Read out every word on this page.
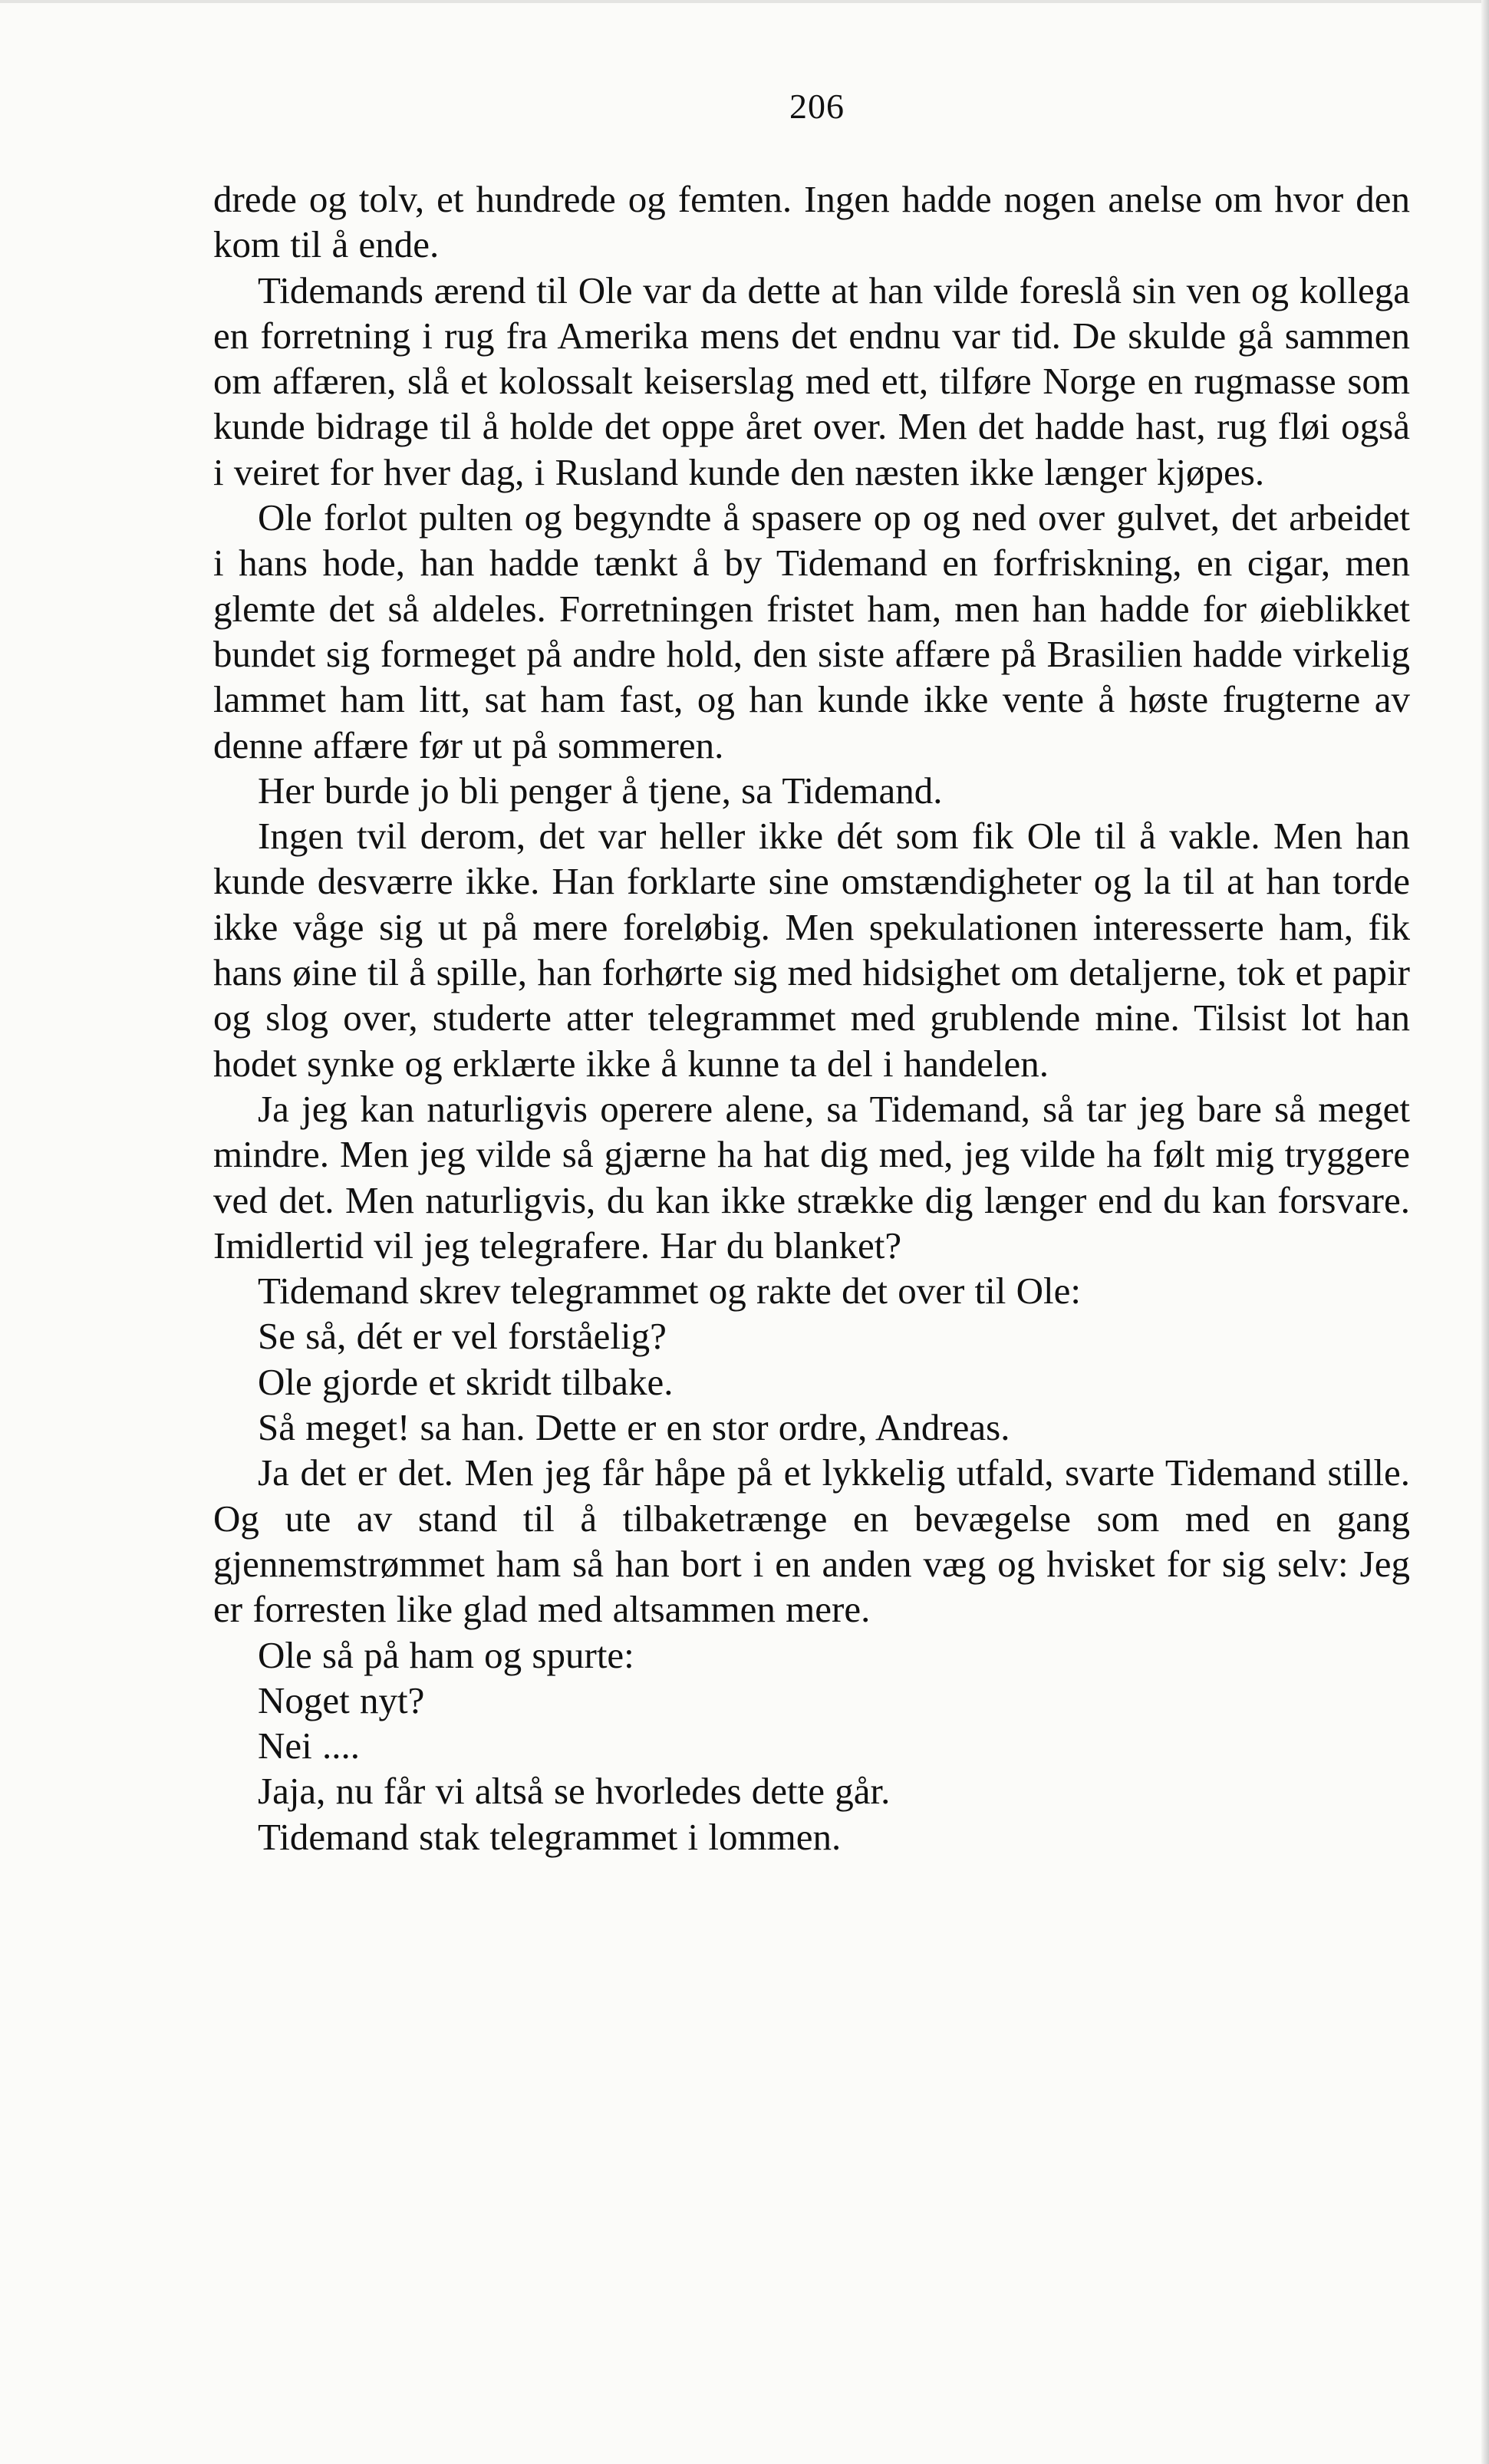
206

drede og tolv, et hundrede og femten. Ingen hadde nogen anelse om hvor den kom til å ende.

Tidemands ærend til Ole var da dette at han vilde foreslå sin ven og kollega en forretning i rug fra Amerika mens det endnu var tid. De skulde gå sammen om affæren, slå et kolossalt keiserslag med ett, tilføre Norge en rugmasse som kunde bidrage til å holde det oppe året over. Men det hadde hast, rug fløi også i veiret for hver dag, i Rusland kunde den næsten ikke længer kjøpes.

Ole forlot pulten og begyndte å spasere op og ned over gulvet, det arbeidet i hans hode, han hadde tænkt å by Tidemand en forfriskning, en cigar, men glemte det så aldeles. Forretningen fristet ham, men han hadde for øieblikket bundet sig formeget på andre hold, den siste affære på Brasilien hadde virkelig lammet ham litt, sat ham fast, og han kunde ikke vente å høste frugterne av denne affære før ut på sommeren.

Her burde jo bli penger å tjene, sa Tidemand.

Ingen tvil derom, det var heller ikke dét som fik Ole til å vakle. Men han kunde desværre ikke. Han forklarte sine omstændigheter og la til at han torde ikke våge sig ut på mere foreløbig. Men spekulationen interesserte ham, fik hans øine til å spille, han forhørte sig med hidsighet om detaljerne, tok et papir og slog over, studerte atter telegrammet med grublende mine. Tilsist lot han hodet synke og erklærte ikke å kunne ta del i handelen.

Ja jeg kan naturligvis operere alene, sa Tidemand, så tar jeg bare så meget mindre. Men jeg vilde så gjærne ha hat dig med, jeg vilde ha følt mig tryggere ved det. Men naturligvis, du kan ikke strække dig længer end du kan forsvare. Imidlertid vil jeg telegrafere. Har du blanket?

Tidemand skrev telegrammet og rakte det over til Ole:

Se så, dét er vel forståelig?

Ole gjorde et skridt tilbake.

Så meget! sa han. Dette er en stor ordre, Andreas.

Ja det er det. Men jeg får håpe på et lykkelig utfald, svarte Tidemand stille. Og ute av stand til å tilbaketrænge en bevægelse som med en gang gjennemstrømmet ham så han bort i en anden væg og hvisket for sig selv: Jeg er forresten like glad med altsammen mere.

Ole så på ham og spurte:

Noget nyt?

Nei ....

Jaja, nu får vi altså se hvorledes dette går.

Tidemand stak telegrammet i lommen.
